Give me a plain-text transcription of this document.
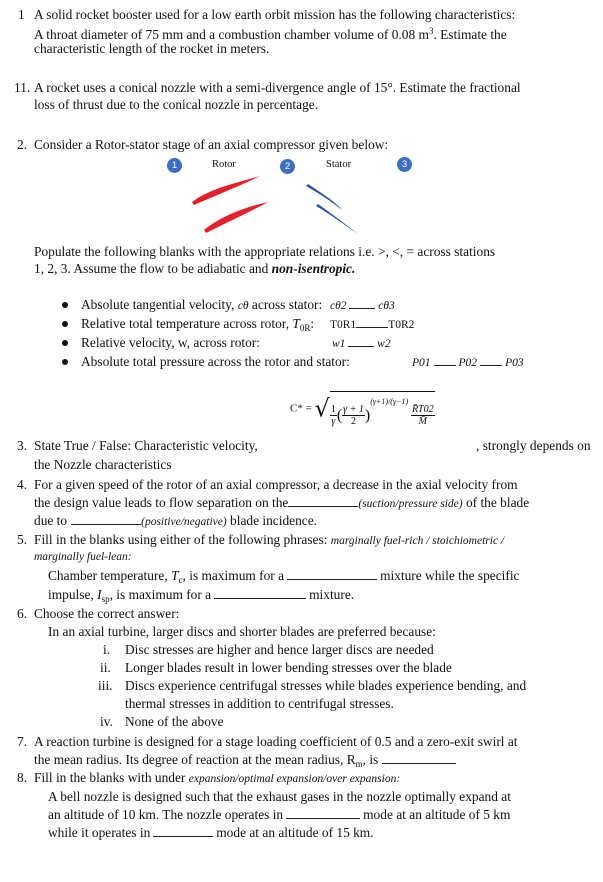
1 A solid rocket booster used for a low earth orbit mission has the following characteristics:
A throat diameter of 75 mm and a combustion chamber volume of 0.08 $m^3$. Estimate the
characteristic length of the rocket in meters.
11. A rocket uses a conical nozzle with a semi-divergence angle of 15°. Estimate the fractional
loss of thrust due to the conical nozzle in percentage.
2. Consider a Rotor-stator stage of an axial compressor given below:
Rotor	Stator
1	2	3
Populate the following blanks with the appropriate relations i.e. >, <, = across stations
1, 2, 3. Assume the flow to be adiabatic and non-isentropic.
Absolute tangential velocity, cθ across stator: cθ2	cθ3
Relative total temperature across rotor, $T_{0R}$: T0R1	T0R2
Relative velocity, w, across rotor:	w1	w2
Absolute total pressure across the rotor and stator:	P01 P02 P03
C* = √ $\frac{1}{\gamma}$ ( $\frac{\gamma + 1}{2} )^{(\gamma+1)/(\gamma-1)}$
$\frac{R̄T02}{M̄}$
3. State True / False: Characteristic velocity,	, strongly depends on
the Nozzle characteristics
4. For a given speed of the rotor of an axial compressor, a decrease in the axial velocity from
the design value leads to flow separation on the	(suction/pressure side) of the blade
due to	(positive/negative) blade incidence.
5. Fill in the blanks using either of the following phrases: marginally fuel-rich / stoichiometric /
marginally fuel-lean:
Chamber temperature, $T_c$, is maximum for a	mixture while the specific
impulse, $I_{sp}$, is maximum for a	mixture.
6. Choose the correct answer:
In an axial turbine, larger discs and shorter blades are preferred because:
i. Disc stresses are higher and hence larger discs are needed
ii. Longer blades result in lower bending stresses over the blade
iii. Discs experience centrifugal stresses while blades experience bending, and
thermal stresses in addition to centrifugal stresses.
iv. None of the above
7. A reaction turbine is designed for a stage loading coefficient of 0.5 and a zero-exit swirl at
the mean radius. Its degree of reaction at the mean radius, $R_m$, is
8. Fill in the blanks with under expansion/optimal expansion/over expansion:
A bell nozzle is designed such that the exhaust gases in the nozzle optimally expand at
an altitude of 10 km. The nozzle operates in	mode at an altitude of 5 km
while it operates in	mode at an altitude of 15 km.
